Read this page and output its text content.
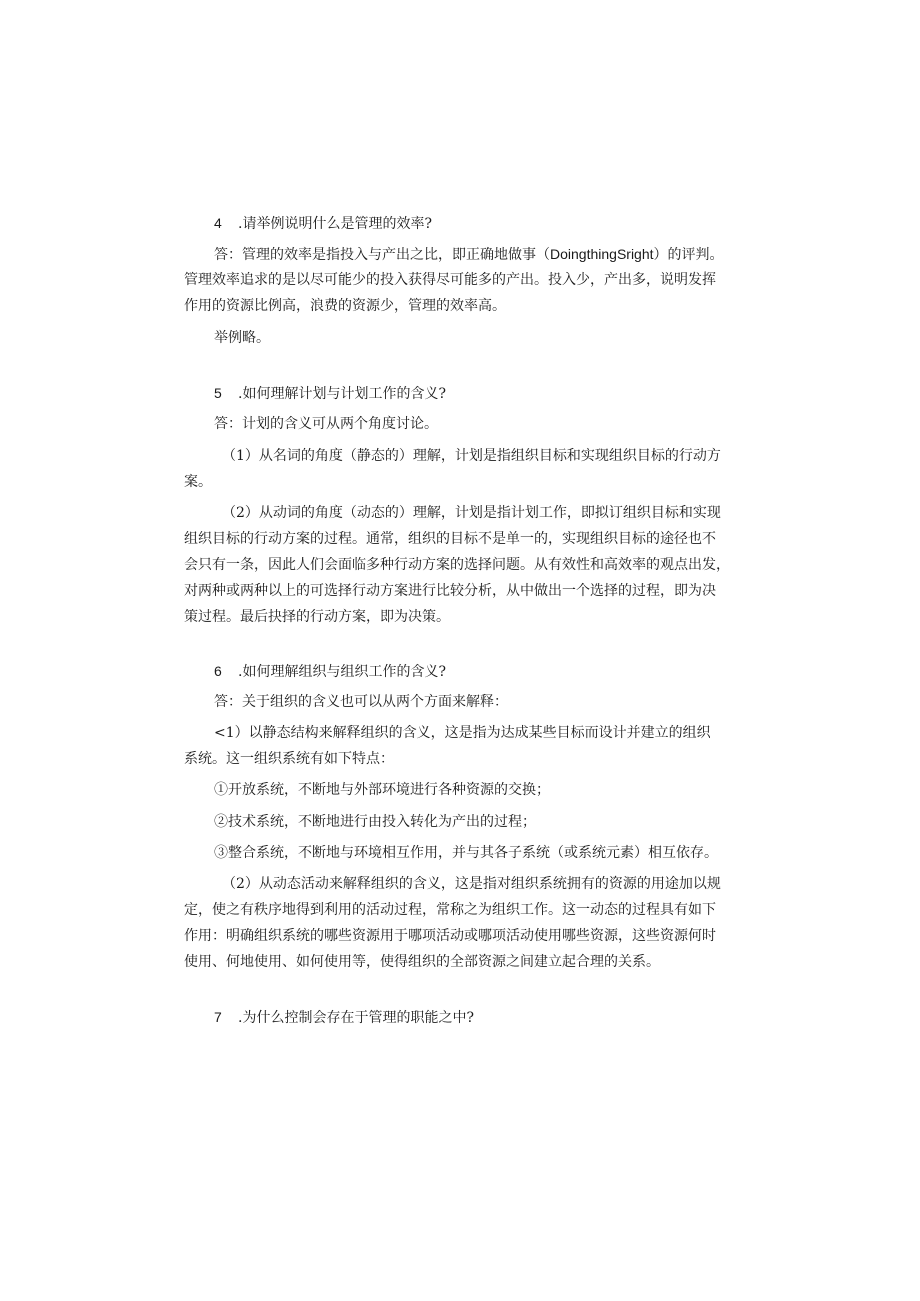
4 .请举例说明什么是管理的效率?
答：管理的效率是指投入与产出之比，即正确地做事（DoingthingSright）的评判。
管理效率追求的是以尽可能少的投入获得尽可能多的产出。投入少，产出多，说明发挥
作用的资源比例高，浪费的资源少，管理的效率高。
举例略。
5 .如何理解计划与计划工作的含义?
答：计划的含义可从两个角度讨论。
（1）从名词的角度（静态的）理解，计划是指组织目标和实现组织目标的行动方
案。
（2）从动词的角度（动态的）理解，计划是指计划工作，即拟订组织目标和实现
组织目标的行动方案的过程。通常，组织的目标不是单一的，实现组织目标的途径也不
会只有一条，因此人们会面临多种行动方案的选择问题。从有效性和高效率的观点出发，
对两种或两种以上的可选择行动方案进行比较分析，从中做出一个选择的过程，即为决
策过程。最后抉择的行动方案，即为决策。
6 .如何理解组织与组织工作的含义?
答：关于组织的含义也可以从两个方面来解释：
<1）以静态结构来解释组织的含义，这是指为达成某些目标而设计并建立的组织
系统。这一组织系统有如下特点：
①开放系统，不断地与外部环境进行各种资源的交换；
②技术系统，不断地进行由投入转化为产出的过程；
③整合系统，不断地与环境相互作用，并与其各子系统（或系统元素）相互依存。
（2）从动态活动来解释组织的含义，这是指对组织系统拥有的资源的用途加以规
定，使之有秩序地得到利用的活动过程，常称之为组织工作。这一动态的过程具有如下
作用：明确组织系统的哪些资源用于哪项活动或哪项活动使用哪些资源，这些资源何时
使用、何地使用、如何使用等，使得组织的全部资源之间建立起合理的关系。
7 .为什么控制会存在于管理的职能之中?
